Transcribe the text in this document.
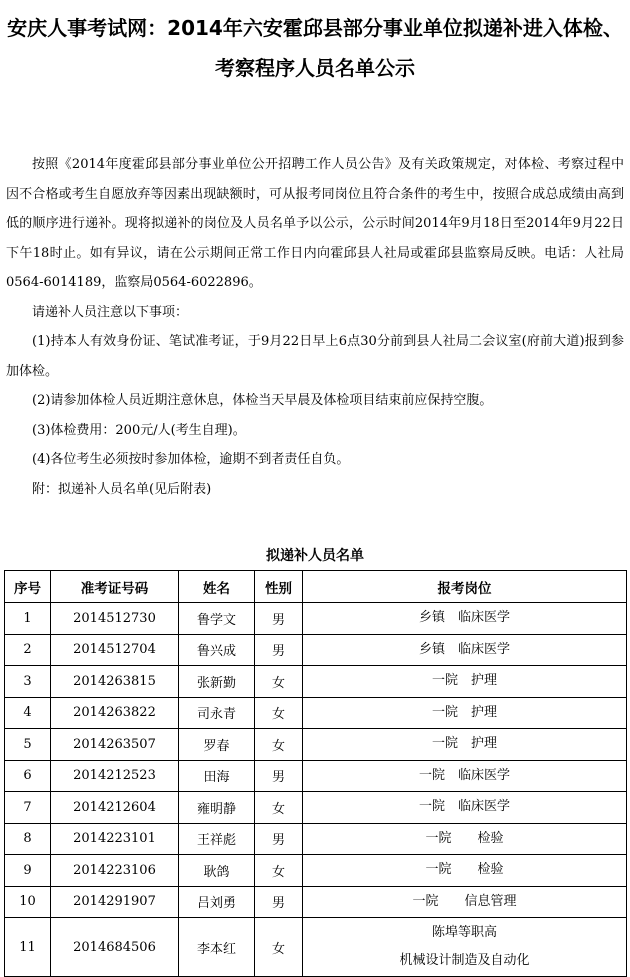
安庆人事考试网：2014年六安霍邱县部分事业单位拟递补进入体检、考察程序人员名单公示

按照《2014年度霍邱县部分事业单位公开招聘工作人员公告》及有关政策规定，对体检、考察过程中因不合格或考生自愿放弃等因素出现缺额时，可从报考同岗位且符合条件的考生中，按照合成总成绩由高到低的顺序进行递补。现将拟递补的岗位及人员名单予以公示，公示时间2014年9月18日至2014年9月22日下午18时止。如有异议，请在公示期间正常工作日内向霍邱县人社局或霍邱县监察局反映。电话：人社局0564-6014189，监察局0564-6022896。

请递补人员注意以下事项：

(1)持本人有效身份证、笔试准考证，于9月22日早上6点30分前到县人社局二会议室(府前大道)报到参加体检。

(2)请参加体检人员近期注意休息，体检当天早晨及体检项目结束前应保持空腹。

(3)体检费用：200元/人(考生自理)。

(4)各位考生必须按时参加体检，逾期不到者责任自负。

附：拟递补人员名单(见后附表)

拟递补人员名单
序号	准考证号码	姓名	性别	报考岗位
1	2014512730	鲁学文	男	乡镇　临床医学
2	2014512704	鲁兴成	男	乡镇　临床医学
3	2014263815	张新勤	女	一院　护理
4	2014263822	司永青	女	一院　护理
5	2014263507	罗春	女	一院　护理
6	2014212523	田海	男	一院　临床医学
7	2014212604	雍明静	女	一院　临床医学
8	2014223101	王祥彪	男	一院　　检验
9	2014223106	耿鸽	女	一院　　检验
10	2014291907	吕刘勇	男	一院　　信息管理
11	2014684506	李本红	女	陈埠等职高
机械设计制造及自动化
